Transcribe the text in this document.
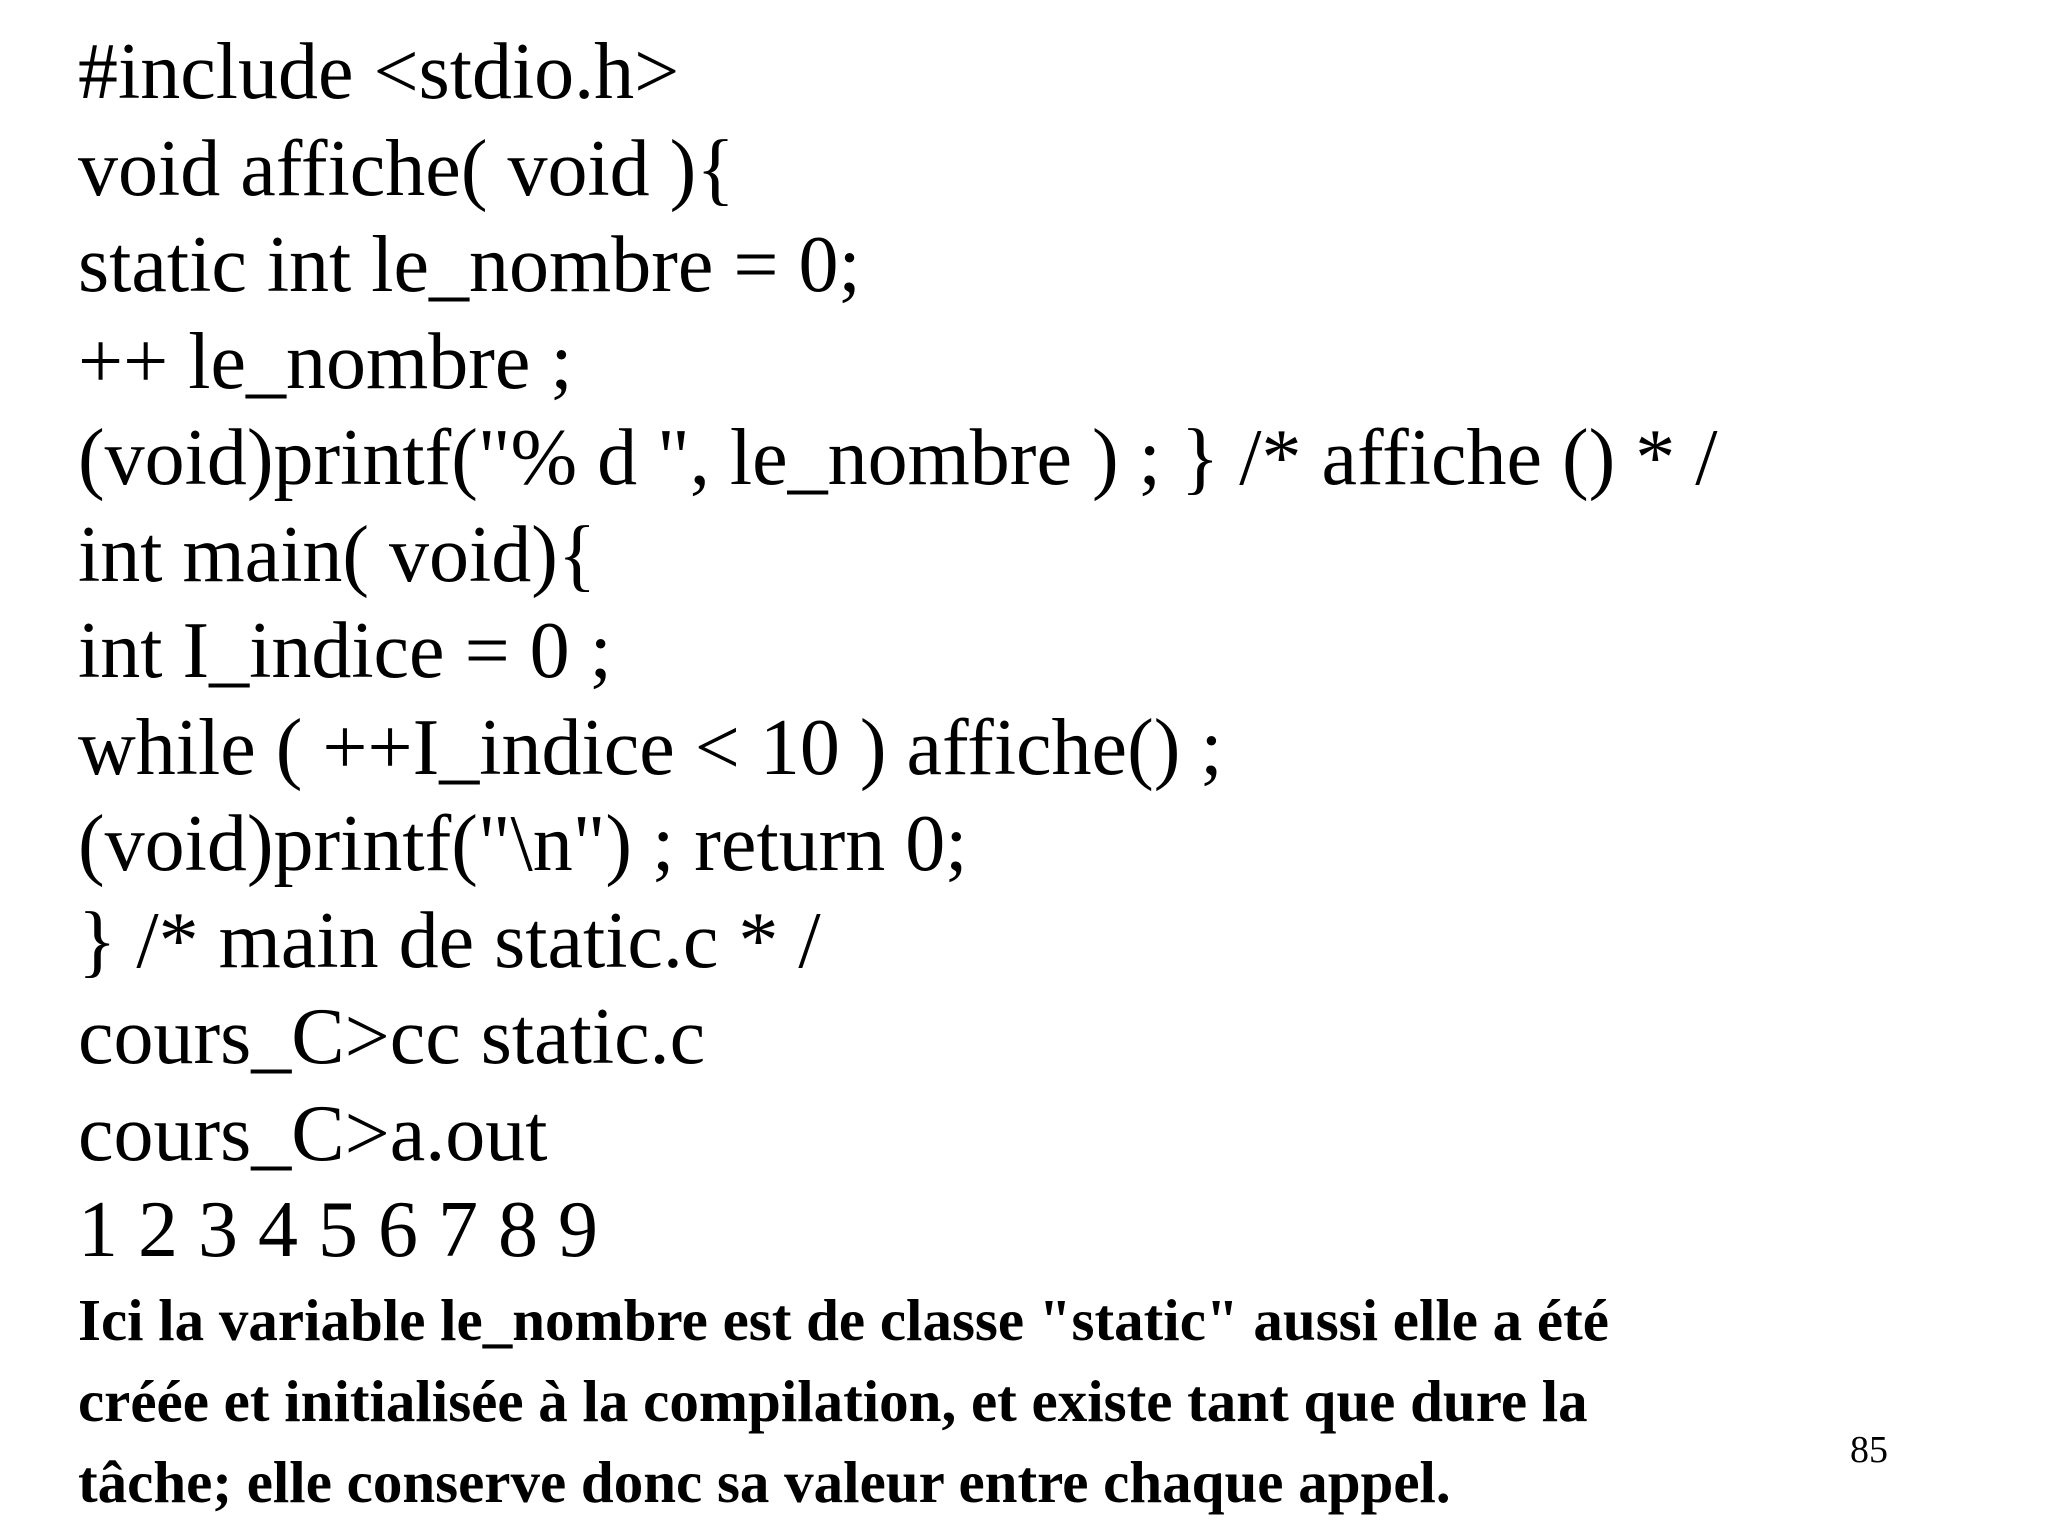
#include <stdio.h>
void affiche( void ){
static int le_nombre = 0;
++ le_nombre ;
(void)printf("% d ", le_nombre ) ; } /* affiche () * /
int main( void){
int I_indice = 0 ;
while ( ++I_indice < 10 ) affiche() ;
(void)printf("\n") ; return 0;
} /* main de static.c * /
cours_C>cc static.c
cours_C>a.out
1 2 3 4 5 6 7 8 9
Ici la variable le_nombre est de classe "static" aussi elle a été
créée et initialisée à la compilation, et existe tant que dure la
tâche; elle conserve donc sa valeur entre chaque appel.	85
